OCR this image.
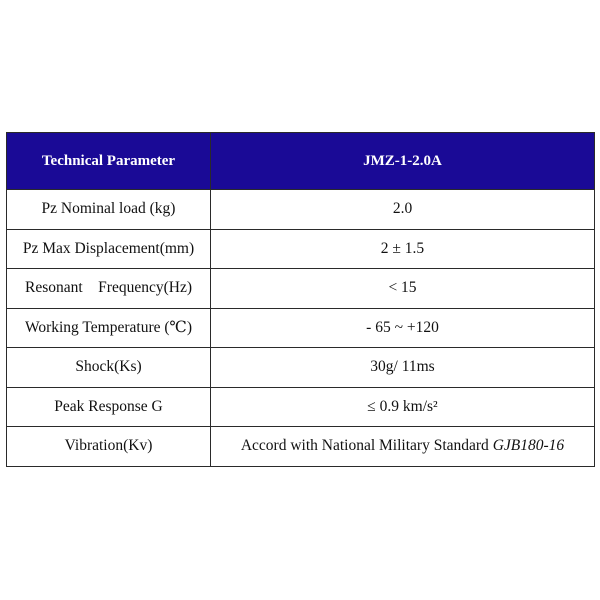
Technical Parameter	JMZ-1-2.0A
Pz Nominal load (kg)	2.0
Pz Max Displacement(mm)	2 ± 1.5
Resonant    Frequency(Hz)	< 15
Working Temperature (℃)	- 65 ~ +120
Shock(Ks)	30g/ 11ms
Peak Response G	≤ 0.9 km/s²
Vibration(Kv)	Accord with National Military Standard GJB180-16
